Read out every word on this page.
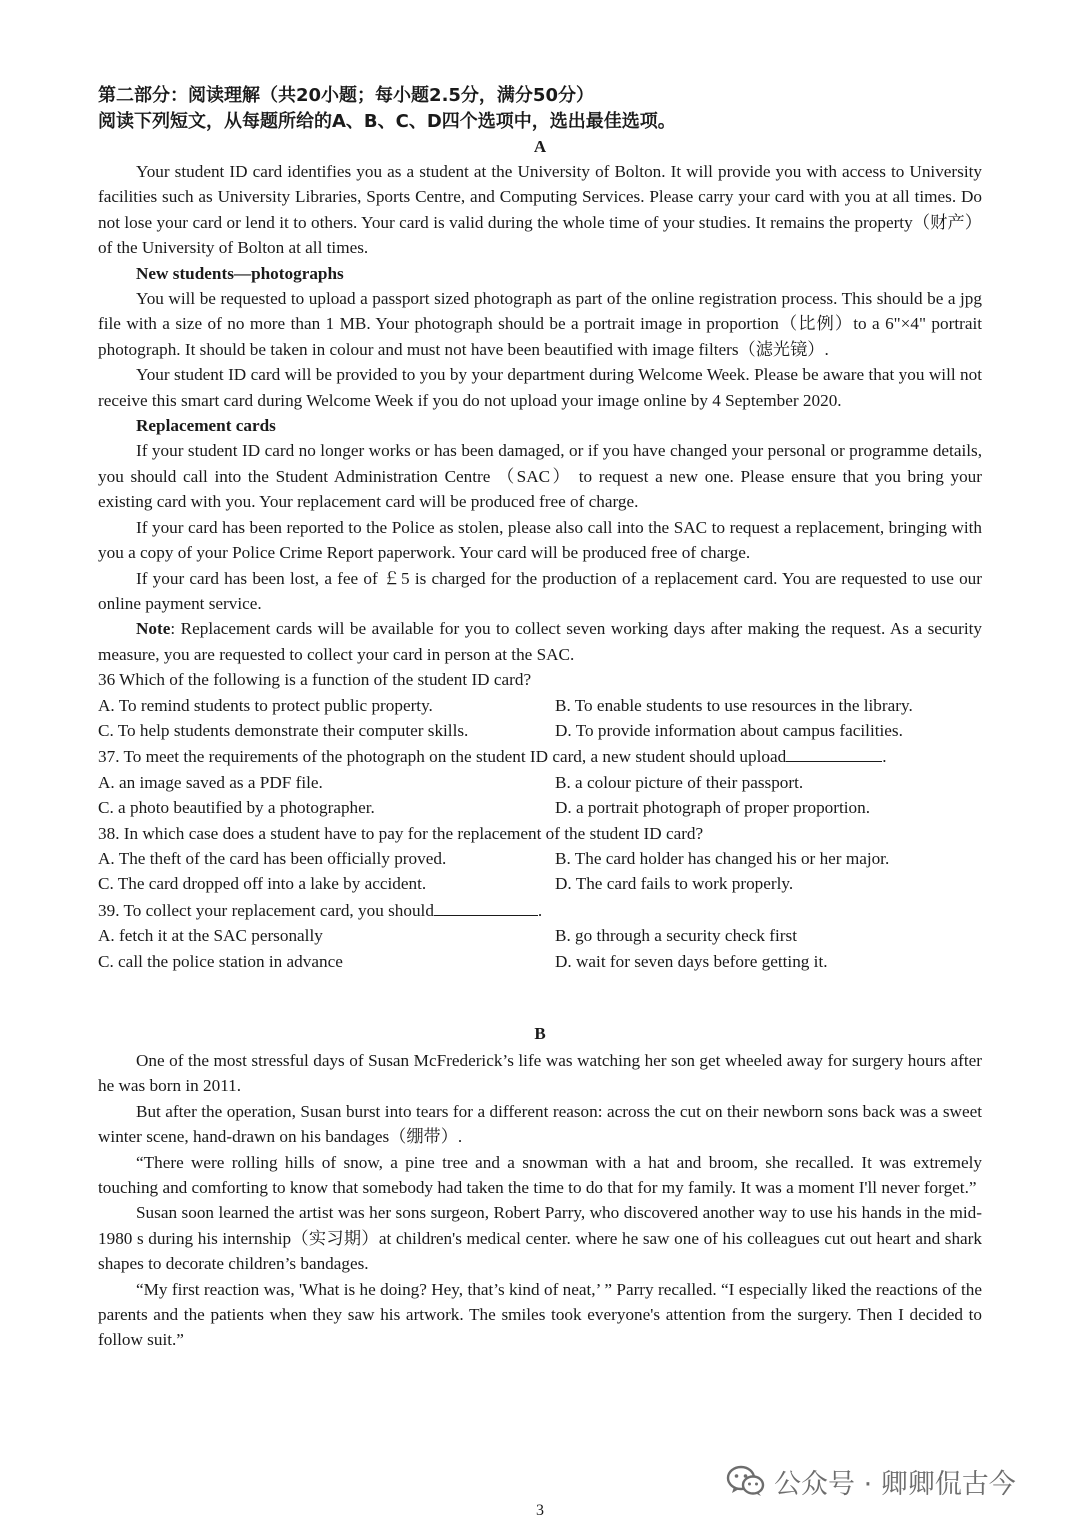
第二部分：阅读理解（共20小题；每小题2.5分，满分50分）
阅读下列短文，从每题所给的A、B、C、D四个选项中，选出最佳选项。
A

Your student ID card identifies you as a student at the University of Bolton. It will provide you with access to University facilities such as University Libraries, Sports Centre, and Computing Services. Please carry your card with you at all times. Do not lose your card or lend it to others. Your card is valid during the whole time of your studies. It remains the property（财产）of the University of Bolton at all times.

New students—photographs

You will be requested to upload a passport sized photograph as part of the online registration process. This should be a jpg file with a size of no more than 1 MB. Your photograph should be a portrait image in proportion（比例）to a 6"×4" portrait photograph. It should be taken in colour and must not have been beautified with image filters（滤光镜）.

Your student ID card will be provided to you by your department during Welcome Week. Please be aware that you will not receive this smart card during Welcome Week if you do not upload your image online by 4 September 2020.

Replacement cards

If your student ID card no longer works or has been damaged, or if you have changed your personal or programme details, you should call into the Student Administration Centre （SAC） to request a new one. Please ensure that you bring your existing card with you. Your replacement card will be produced free of charge.

If your card has been reported to the Police as stolen, please also call into the SAC to request a replacement, bringing with you a copy of your Police Crime Report paperwork. Your card will be produced free of charge.

If your card has been lost, a fee of ￡5 is charged for the production of a replacement card. You are requested to use our online payment service.

Note: Replacement cards will be available for you to collect seven working days after making the request. As a security measure, you are requested to collect your card in person at the SAC.

36 Which of the following is a function of the student ID card?

A. To remind students to protect public property.	B. To enable students to use resources in the library.
C. To help students demonstrate their computer skills.	D. To provide information about campus facilities.

37. To meet the requirements of the photograph on the student ID card, a new student should upload	.

A. an image saved as a PDF file.	B. a colour picture of their passport.
C. a photo beautified by a photographer.	D. a portrait photograph of proper proportion.

38. In which case does a student have to pay for the replacement of the student ID card?

A. The theft of the card has been officially proved.	B. The card holder has changed his or her major.
C. The card dropped off into a lake by accident.	D. The card fails to work properly.

39. To collect your replacement card, you should	.

A. fetch it at the SAC personally	B. go through a security check first
C. call the police station in advance	D. wait for seven days before getting it.
B

One of the most stressful days of Susan McFrederick’s life was watching her son get wheeled away for surgery hours after he was born in 2011.

But after the operation, Susan burst into tears for a different reason: across the cut on their newborn sons back was a sweet winter scene, hand-drawn on his bandages（绷带）.

“There were rolling hills of snow, a pine tree and a snowman with a hat and broom, she recalled. It was extremely touching and comforting to know that somebody had taken the time to do that for my family. It was a moment I'll never forget.”

Susan soon learned the artist was her sons surgeon, Robert Parry, who discovered another way to use his hands in the mid-1980 s during his internship（实习期）at children's medical center. where he saw one of his colleagues cut out heart and shark shapes to decorate children’s bandages.

“My first reaction was, 'What is he doing? Hey, that’s kind of neat,’ ” Parry recalled. “I especially liked the reactions of the parents and the patients when they saw his artwork. The smiles took everyone's attention from the surgery. Then I decided to follow suit.”

公众号 · 卿卿侃古今
3
